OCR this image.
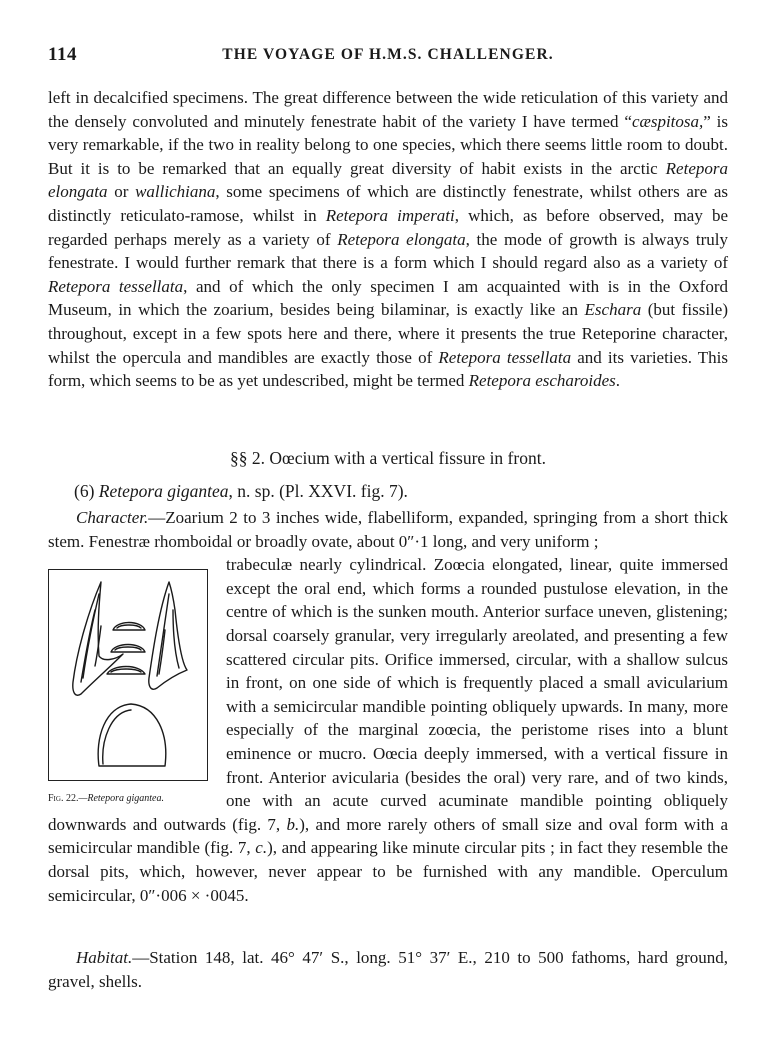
114	THE VOYAGE OF H.M.S. CHALLENGER.

left in decalcified specimens. The great difference between the wide reticulation of this variety and the densely convoluted and minutely fenestrate habit of the variety I have termed “cæspitosa,” is very remarkable, if the two in reality belong to one species, which there seems little room to doubt. But it is to be remarked that an equally great diversity of habit exists in the arctic Retepora elongata or wallichiana, some specimens of which are distinctly fenestrate, whilst others are as distinctly reticulato-ramose, whilst in Retepora imperati, which, as before observed, may be regarded perhaps merely as a variety of Retepora elongata, the mode of growth is always truly fenestrate. I would further remark that there is a form which I should regard also as a variety of Retepora tessellata, and of which the only specimen I am acquainted with is in the Oxford Museum, in which the zoarium, besides being bilaminar, is exactly like an Eschara (but fissile) throughout, except in a few spots here and there, where it presents the true Reteporine character, whilst the opercula and mandibles are exactly those of Retepora tessellata and its varieties. This form, which seems to be as yet undescribed, might be termed Retepora escharoides.

§§ 2. Oœcium with a vertical fissure in front.
(6) Retepora gigantea, n. sp. (Pl. XXVI. fig. 7).

Character.—Zoarium 2 to 3 inches wide, flabelliform, expanded, springing from a short thick stem. Fenestræ rhomboidal or broadly ovate, about 0″·1 long, and very uniform ;

Fig. 22.—Retepora gigantea.

trabeculæ nearly cylindrical. Zoœcia elongated, linear, quite immersed except the oral end, which forms a rounded pustulose elevation, in the centre of which is the sunken mouth. Anterior surface uneven, glistening; dorsal coarsely granular, very irregularly areolated, and presenting a few scattered circular pits. Orifice immersed, circular, with a shallow sulcus in front, on one side of which is frequently placed a small avicularium with a semicircular mandible pointing obliquely upwards. In many, more especially of the marginal zoœcia, the peristome rises into a blunt eminence or mucro. Oœcia deeply immersed, with a vertical fissure in front. Anterior avicularia (besides the oral) very rare, and of two kinds, one with an acute curved acuminate mandible pointing obliquely downwards and outwards (fig. 7, b.), and more rarely others of small size and oval form with a semicircular mandible (fig. 7, c.), and appearing like minute circular pits ; in fact they resemble the dorsal pits, which, however, never appear to be furnished with any mandible. Operculum semicircular, 0″·006 × ·0045.

Habitat.—Station 148, lat. 46° 47′ S., long. 51° 37′ E., 210 to 500 fathoms, hard ground, gravel, shells.
